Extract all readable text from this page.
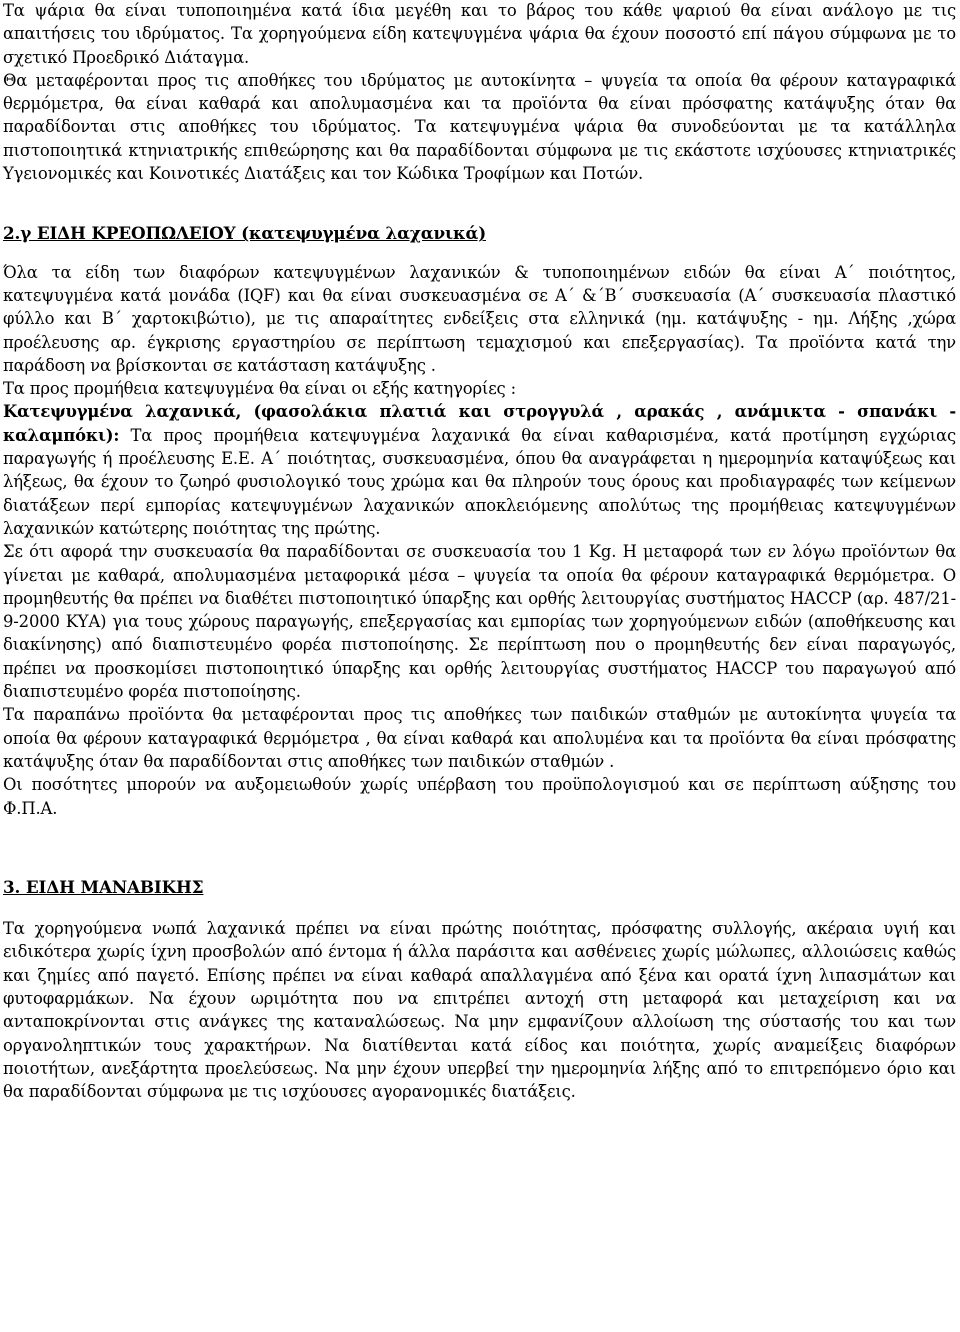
Τα ψάρια θα είναι τυποποιημένα κατά ίδια μεγέθη και το βάρος του κάθε ψαριού θα είναι ανάλογο με τις απαιτήσεις του ιδρύματος. Τα χορηγούμενα είδη κατεψυγμένα ψάρια θα έχουν ποσοστό επί πάγου σύμφωνα με το σχετικό Προεδρικό Διάταγμα.

Θα μεταφέρονται προς τις αποθήκες του ιδρύματος με αυτοκίνητα – ψυγεία τα οποία θα φέρουν καταγραφικά θερμόμετρα, θα είναι καθαρά και απολυμασμένα και τα προϊόντα θα είναι πρόσφατης κατάψυξης όταν θα παραδίδονται στις αποθήκες του ιδρύματος. Τα κατεψυγμένα ψάρια θα συνοδεύονται με τα κατάλληλα πιστοποιητικά κτηνιατρικής επιθεώρησης και θα παραδίδονται σύμφωνα με τις εκάστοτε ισχύουσες κτηνιατρικές Υγειονομικές και Κοινοτικές Διατάξεις και τον Κώδικα Τροφίμων και Ποτών.

2.γ ΕΙΔΗ ΚΡΕΟΠΩΛΕΙΟΥ (κατεψυγμένα λαχανικά)

Όλα τα είδη των διαφόρων κατεψυγμένων λαχανικών & τυποποιημένων ειδών θα είναι Α΄ ποιότητος, κατεψυγμένα κατά μονάδα (IQF) και θα είναι συσκευασμένα σε Α΄ &΄Β΄ συσκευασία (Α΄ συσκευασία πλαστικό φύλλο και Β΄ χαρτοκιβώτιο), με τις απαραίτητες ενδείξεις στα ελληνικά (ημ. κατάψυξης - ημ. Λήξης ,χώρα προέλευσης αρ. έγκρισης εργαστηρίου σε περίπτωση τεμαχισμού και επεξεργασίας). Τα προϊόντα κατά την παράδοση να βρίσκονται σε κατάσταση κατάψυξης .

Τα προς προμήθεια κατεψυγμένα θα είναι οι εξής κατηγορίες :

Κατεψυγμένα λαχανικά, (φασολάκια πλατιά και στρογγυλά , αρακάς , ανάμικτα - σπανάκι - καλαμπόκι): Τα προς προμήθεια κατεψυγμένα λαχανικά θα είναι καθαρισμένα, κατά προτίμηση εγχώριας παραγωγής ή προέλευσης Ε.Ε. Α΄ ποιότητας, συσκευασμένα, όπου θα αναγράφεται η ημερομηνία καταψύξεως και λήξεως, θα έχουν το ζωηρό φυσιολογικό τους χρώμα και θα πληρούν τους όρους και προδιαγραφές των κείμενων διατάξεων περί εμπορίας κατεψυγμένων λαχανικών αποκλειόμενης απολύτως της προμήθειας κατεψυγμένων λαχανικών κατώτερης ποιότητας της πρώτης.

Σε ότι αφορά την συσκευασία θα παραδίδονται σε συσκευασία του 1 Kg. Η μεταφορά των εν λόγω προϊόντων θα γίνεται με καθαρά, απολυμασμένα μεταφορικά μέσα – ψυγεία τα οποία θα φέρουν καταγραφικά θερμόμετρα. Ο προμηθευτής θα πρέπει να διαθέτει πιστοποιητικό ύπαρξης και ορθής λειτουργίας συστήματος HACCP (αρ. 487/21-9-2000 ΚΥΑ) για τους χώρους παραγωγής, επεξεργασίας και εμπορίας των χορηγούμενων ειδών (αποθήκευσης και διακίνησης) από διαπιστευμένο φορέα πιστοποίησης. Σε περίπτωση που ο προμηθευτής δεν είναι παραγωγός, πρέπει να προσκομίσει πιστοποιητικό ύπαρξης και ορθής λειτουργίας συστήματος HACCP του παραγωγού από διαπιστευμένο φορέα πιστοποίησης.

Τα παραπάνω προϊόντα θα μεταφέρονται προς τις αποθήκες των παιδικών σταθμών με αυτοκίνητα ψυγεία τα οποία θα φέρουν καταγραφικά θερμόμετρα , θα είναι καθαρά και απολυμένα και τα προϊόντα θα είναι πρόσφατης κατάψυξης όταν θα παραδίδονται στις αποθήκες των παιδικών σταθμών .

Οι ποσότητες μπορούν να αυξομειωθούν χωρίς υπέρβαση του προϋπολογισμού και σε περίπτωση αύξησης του Φ.Π.Α.

3. ΕΙΔΗ ΜΑΝΑΒΙΚΗΣ

Τα χορηγούμενα νωπά λαχανικά πρέπει να είναι πρώτης ποιότητας, πρόσφατης συλλογής, ακέραια υγιή και ειδικότερα χωρίς ίχνη προσβολών από έντομα ή άλλα παράσιτα και ασθένειες χωρίς μώλωπες, αλλοιώσεις καθώς και ζημίες από παγετό. Επίσης πρέπει να είναι καθαρά απαλλαγμένα από ξένα και ορατά ίχνη λιπασμάτων και φυτοφαρμάκων. Να έχουν ωριμότητα που να επιτρέπει αντοχή στη μεταφορά και μεταχείριση και να ανταποκρίνονται στις ανάγκες της καταναλώσεως. Να μην εμφανίζουν αλλοίωση της σύστασής του και των οργανοληπτικών τους χαρακτήρων. Να διατίθενται κατά είδος και ποιότητα, χωρίς αναμείξεις διαφόρων ποιοτήτων, ανεξάρτητα προελεύσεως. Να μην έχουν υπερβεί την ημερομηνία λήξης από το επιτρεπόμενο όριο και θα παραδίδονται σύμφωνα με τις ισχύουσες αγορανομικές διατάξεις.
